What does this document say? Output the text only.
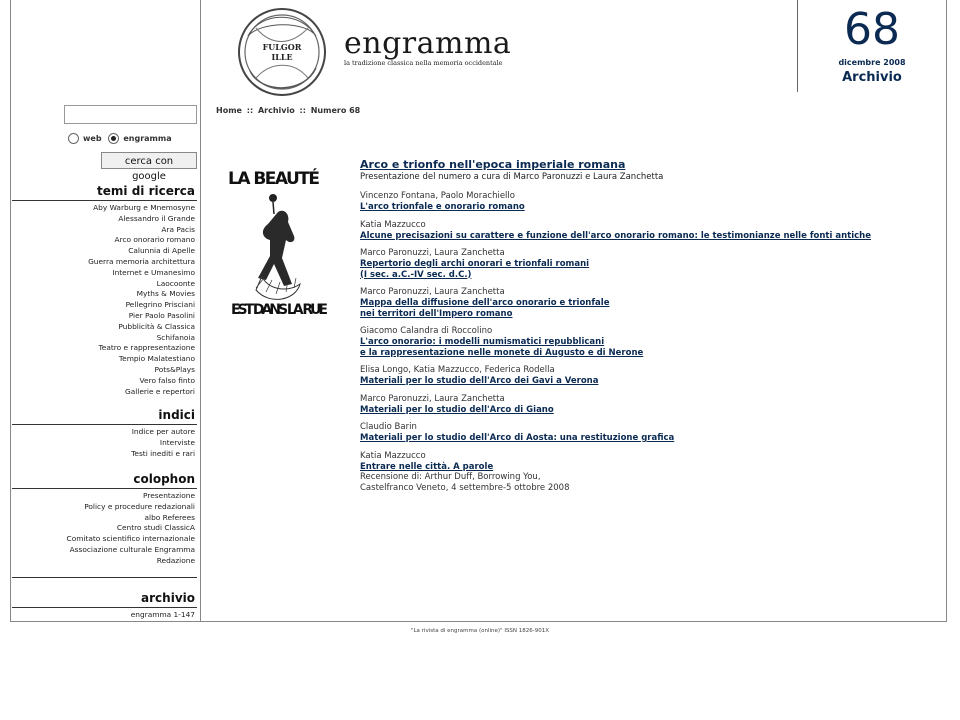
web
	engramma
cerca con google
temi di ricerca
Aby Warburg e Mnemosyne
Alessandro il Grande
Ara Pacis
Arco onorario romano
Calunnia di Apelle
Guerra memoria architettura
Internet e Umanesimo
Laocoonte
Myths & Movies
Pellegrino Prisciani
Pier Paolo Pasolini
Pubblicità & Classica
Schifanoia
Teatro e rappresentazione
Tempio Malatestiano
Pots&Plays
Vero falso finto
Gallerie e repertori
indici
Indice per autore
Interviste
Testi inediti e rari
colophon
Presentazione
Policy e procedure redazionali
albo Referees
Centro studi ClassicA
Comitato scientifico internazionale
Associazione culturale Engramma
Redazione
archivio
engramma 1-147
FULGOR
ILLE engramma
la tradizione classica nella memoria occidentale
68
dicembre 2008
Archivio
Home :: Archivio :: Numero 68
LA BEAUTÉ
EST DANS LA RUE
Arco e trionfo nell'epoca imperiale romana
Presentazione del numero a cura di Marco Paronuzzi e Laura Zanchetta
Vincenzo Fontana, Paolo Morachiello
L'arco trionfale e onorario romano
Katia Mazzucco
Alcune precisazioni su carattere e funzione dell'arco onorario romano: le testimonianze nelle fonti antiche
Marco Paronuzzi, Laura Zanchetta
Repertorio degli archi onorari e trionfali romani
(I sec. a.C.-IV sec. d.C.)
Marco Paronuzzi, Laura Zanchetta
Mappa della diffusione dell'arco onorario e trionfale
nei territori dell'Impero romano
Giacomo Calandra di Roccolino
L'arco onorario: i modelli numismatici repubblicani
e la rappresentazione nelle monete di Augusto e di Nerone
Elisa Longo, Katia Mazzucco, Federica Rodella
Materiali per lo studio dell'Arco dei Gavi a Verona
Marco Paronuzzi, Laura Zanchetta
Materiali per lo studio dell'Arco di Giano
Claudio Barin
Materiali per lo studio dell'Arco di Aosta: una restituzione grafica
Katia Mazzucco
Entrare nelle città. A parole
Recensione di: Arthur Duff, Borrowing You,
Castelfranco Veneto, 4 settembre-5 ottobre 2008
"La rivista di engramma (online)" ISSN 1826-901X
